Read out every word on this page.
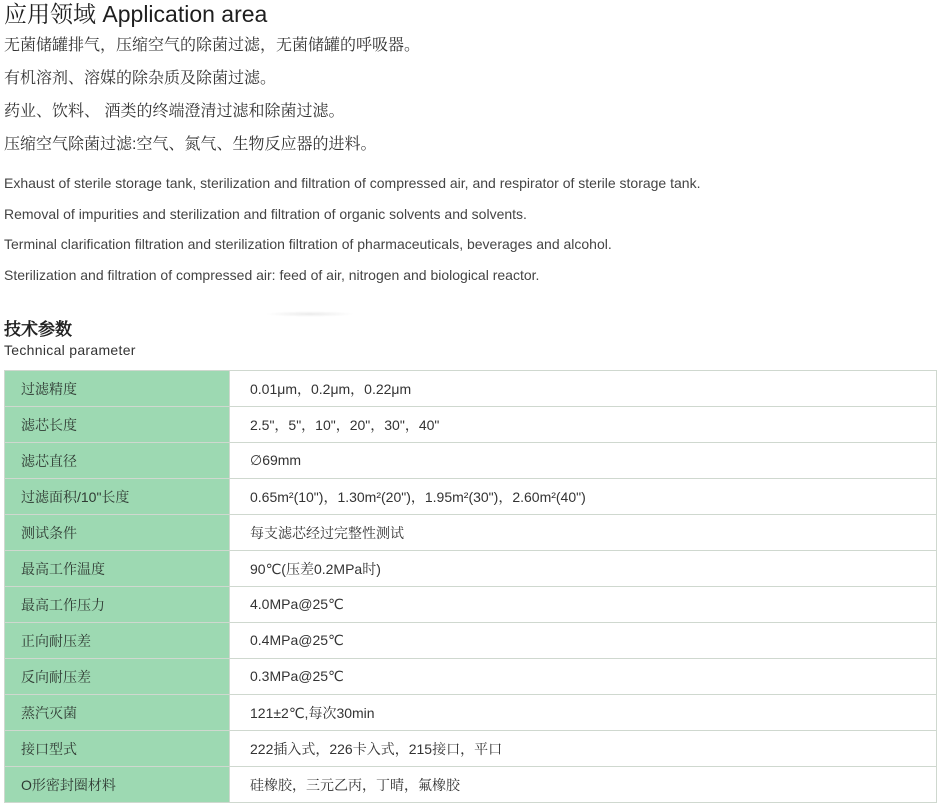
应用领域 Application area
无菌储罐排气，压缩空气的除菌过滤，无菌储罐的呼吸器。
有机溶剂、溶媒的除杂质及除菌过滤。
药业、饮料、 酒类的终端澄清过滤和除菌过滤。
压缩空气除菌过滤:空气、氮气、生物反应器的进料。
Exhaust of sterile storage tank, sterilization and filtration of compressed air, and respirator of sterile storage tank.
Removal of impurities and sterilization and filtration of organic solvents and solvents.
Terminal clarification filtration and sterilization filtration of pharmaceuticals, beverages and alcohol.
Sterilization and filtration of compressed air: feed of air, nitrogen and biological reactor.
技术参数
Technical parameter
过滤精度	0.01μm，0.2μm，0.22μm
滤芯长度	2.5"，5"，10"，20"，30"，40"
滤芯直径	∅69mm
过滤面积/10"长度	0.65m²(10")，1.30m²(20")，1.95m²(30")，2.60m²(40")
测试条件	每支滤芯经过完整性测试
最高工作温度	90℃(压差0.2MPa时)
最高工作压力	4.0MPa@25℃
正向耐压差	0.4MPa@25℃
反向耐压差	0.3MPa@25℃
蒸汽灭菌	121±2℃,每次30min
接口型式	222插入式，226卡入式，215接口，平口
O形密封圈材料	硅橡胶，三元乙丙，丁晴，氟橡胶
